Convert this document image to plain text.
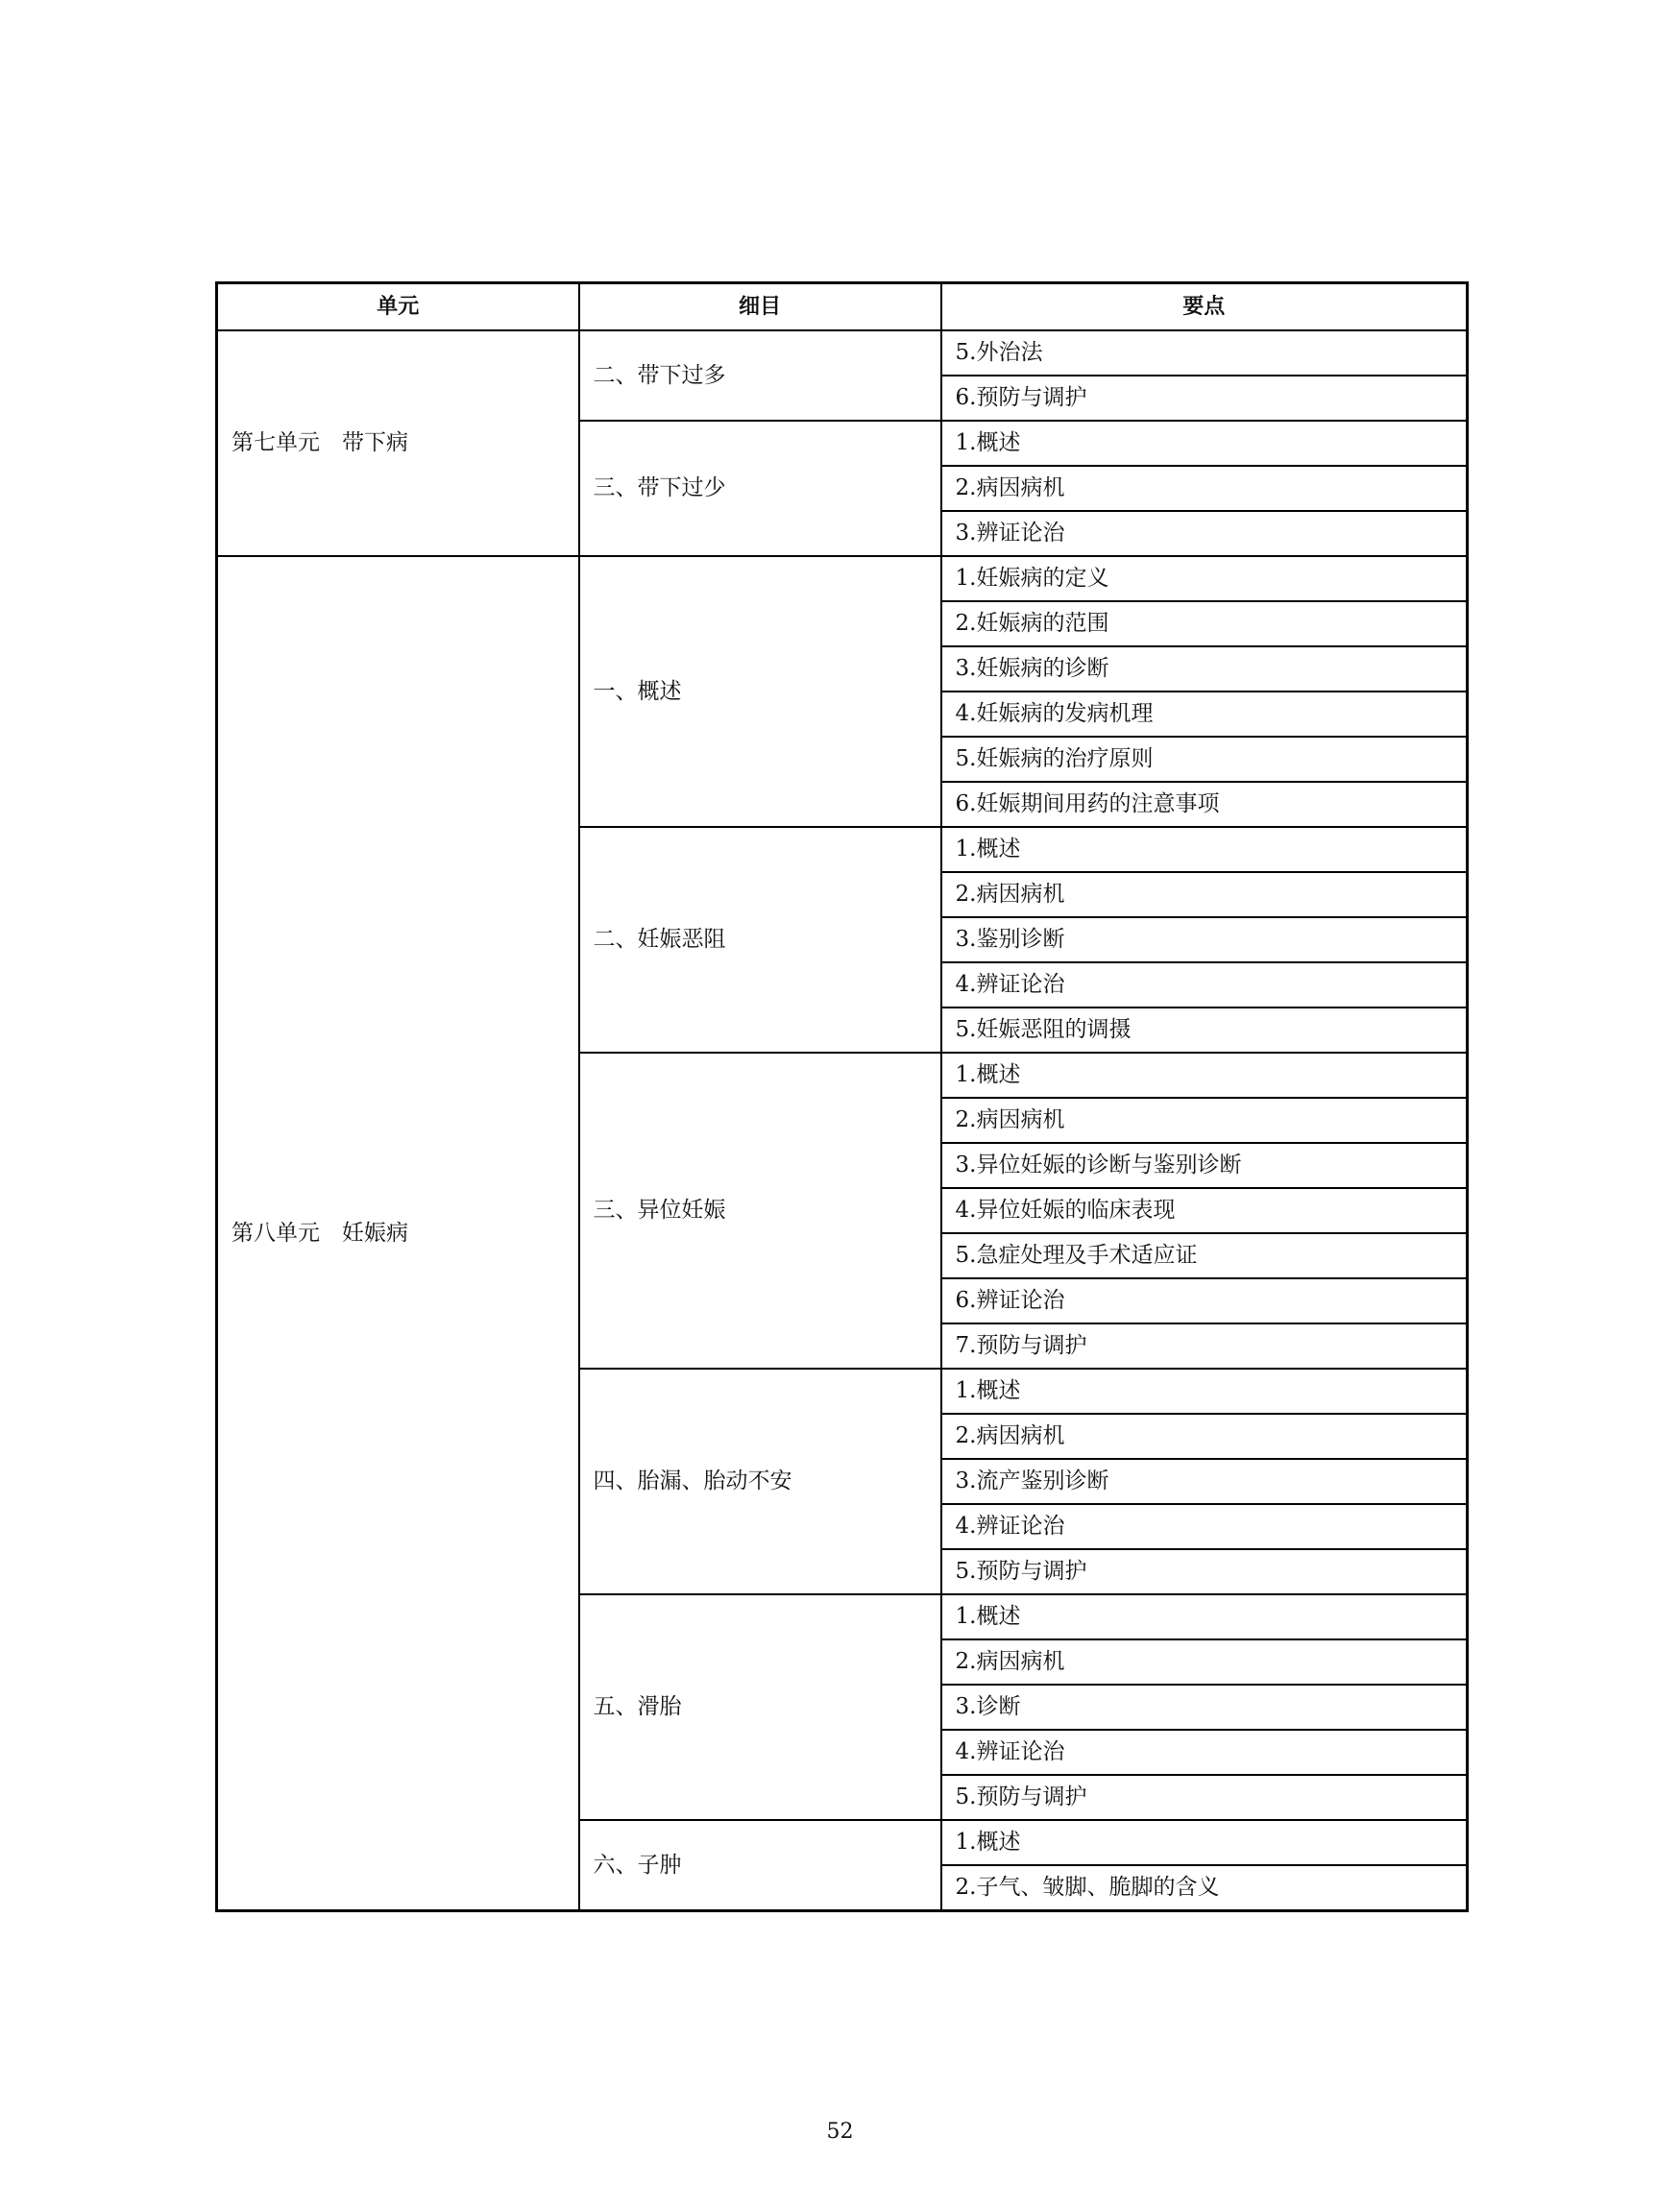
单元	细目	要点
第七单元　带下病	二、带下过多	5.外治法
		6.预防与调护
	三、带下过少	1.概述
		2.病因病机
		3.辨证论治
第八单元　妊娠病	一、概述	1.妊娠病的定义
		2.妊娠病的范围
		3.妊娠病的诊断
		4.妊娠病的发病机理
		5.妊娠病的治疗原则
		6.妊娠期间用药的注意事项
	二、妊娠恶阻	1.概述
		2.病因病机
		3.鉴别诊断
		4.辨证论治
		5.妊娠恶阻的调摄
	三、异位妊娠	1.概述
		2.病因病机
		3.异位妊娠的诊断与鉴别诊断
		4.异位妊娠的临床表现
		5.急症处理及手术适应证
		6.辨证论治
		7.预防与调护
	四、胎漏、胎动不安	1.概述
		2.病因病机
		3.流产鉴别诊断
		4.辨证论治
		5.预防与调护
	五、滑胎	1.概述
		2.病因病机
		3.诊断
		4.辨证论治
		5.预防与调护
	六、子肿	1.概述
		2.子气、皱脚、脆脚的含义
52
